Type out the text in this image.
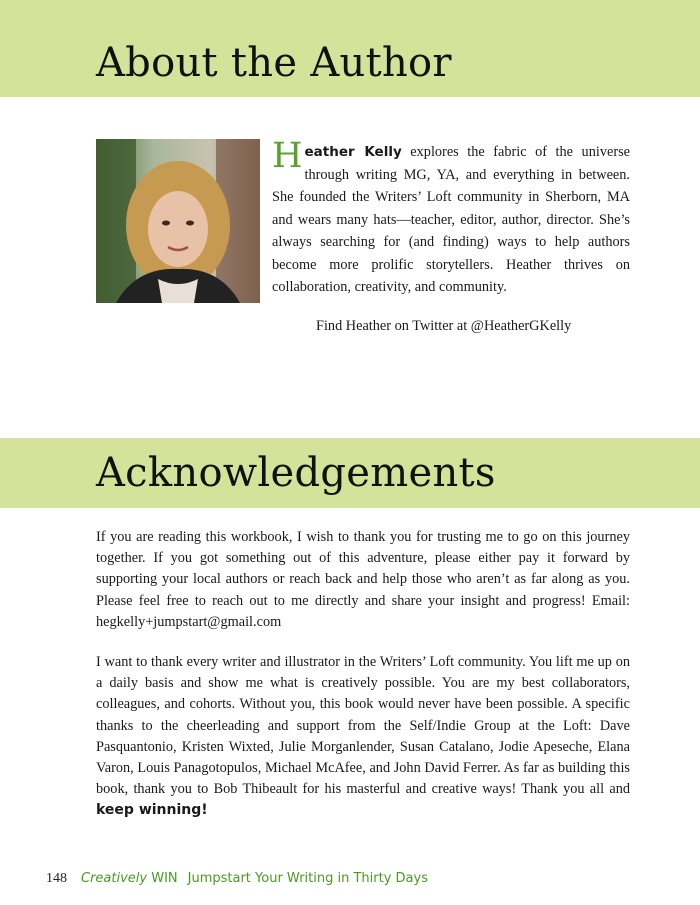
About the Author

Heather Kelly explores the fabric of the universe through writing MG, YA, and everything in between. She founded the Writers’ Loft community in Sherborn, MA and wears many hats—teacher, editor, author, director. She’s always searching for (and finding) ways to help authors become more prolific storytellers. Heather thrives on collaboration, creativity, and community.

Find Heather on Twitter at @HeatherGKelly

Acknowledgements

If you are reading this workbook, I wish to thank you for trusting me to go on this journey together. If you got something out of this adventure, please either pay it forward by supporting your local authors or reach back and help those who aren’t as far along as you. Please feel free to reach out to me directly and share your insight and progress! Email: hegkelly+jumpstart@gmail.com

I want to thank every writer and illustrator in the Writers’ Loft community. You lift me up on a daily basis and show me what is creatively possible. You are my best collaborators, colleagues, and cohorts. Without you, this book would never have been possible. A specific thanks to the cheerleading and support from the Self/Indie Group at the Loft: Dave Pasquantonio, Kristen Wixted, Julie Morganlender, Susan Catalano, Jodie Apeseche, Elana Varon, Louis Panagotopulos, Michael McAfee, and John David Ferrer. As far as building this book, thank you to Bob Thibeault for his masterful and creative ways! Thank you all and keep winning!

148 Creatively WIN Jumpstart Your Writing in Thirty Days
